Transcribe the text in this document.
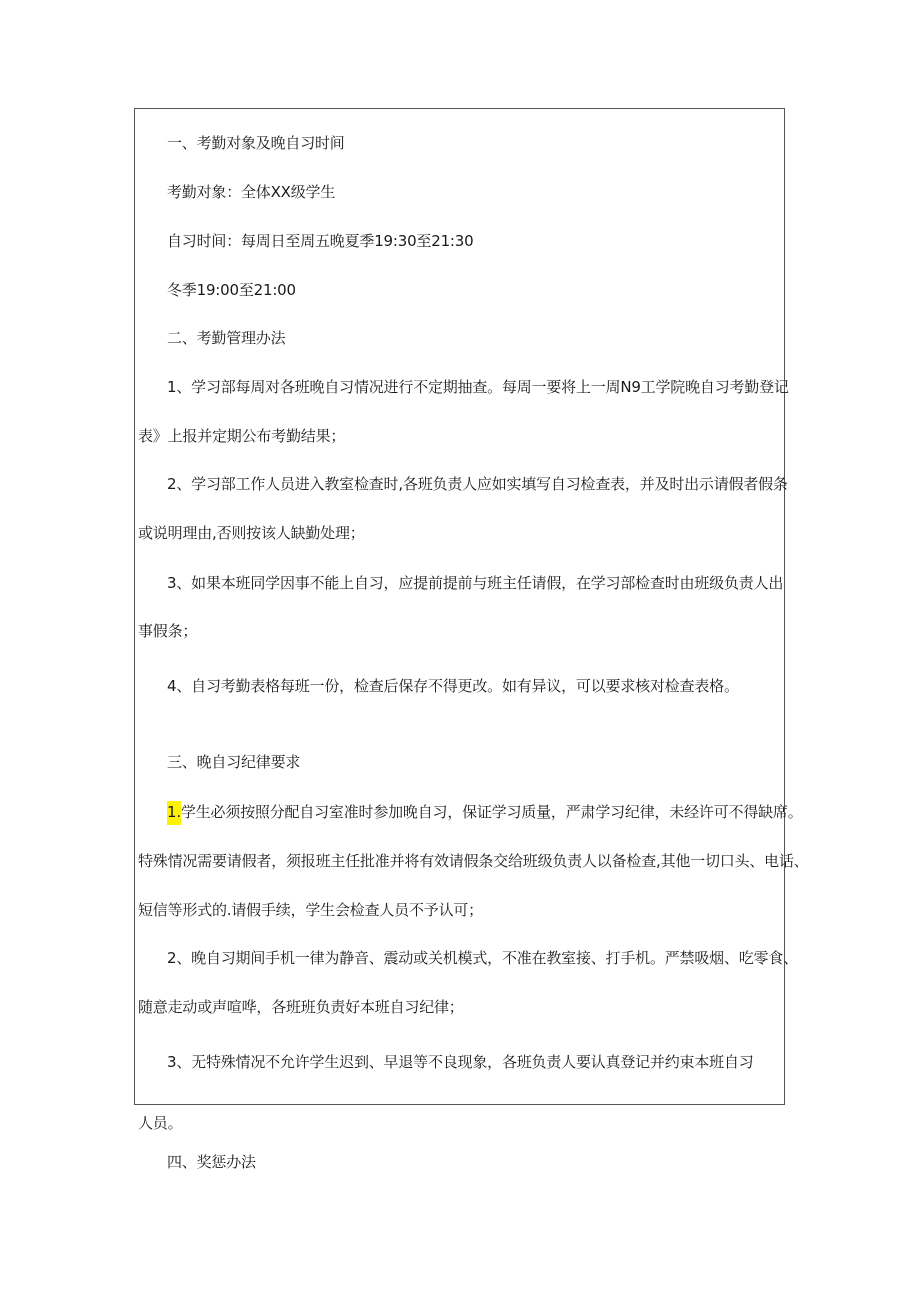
一、考勤对象及晚自习时间
考勤对象：全体XX级学生
自习时间：每周日至周五晚夏季19:30至21:30
冬季19:00至21:00
二、考勤管理办法
1、学习部每周对各班晚自习情况进行不定期抽查。每周一要将上一周N9工学院晚自习考勤登记
表》上报并定期公布考勤结果；
2、学习部工作人员进入教室检查时,各班负责人应如实填写自习检查表，并及时出示请假者假条
或说明理由,否则按该人缺勤处理；
3、如果本班同学因事不能上自习，应提前提前与班主任请假，在学习部检查时由班级负责人出
事假条；
4、自习考勤表格每班一份，检查后保存不得更改。如有异议，可以要求核对检查表格。
三、晚自习纪律要求
1.学生必须按照分配自习室准时参加晚自习，保证学习质量，严肃学习纪律，未经许可不得缺席。
特殊情况需要请假者，须报班主任批准并将有效请假条交给班级负责人以备检查,其他一切口头、电话、
短信等形式的.请假手续，学生会检查人员不予认可；
2、晚自习期间手机一律为静音、震动或关机模式，不准在教室接、打手机。严禁吸烟、吃零食、
随意走动或声喧哗，各班班负责好本班自习纪律；
3、无特殊情况不允许学生迟到、早退等不良现象，各班负责人要认真登记并约束本班自习
人员。
四、奖惩办法
